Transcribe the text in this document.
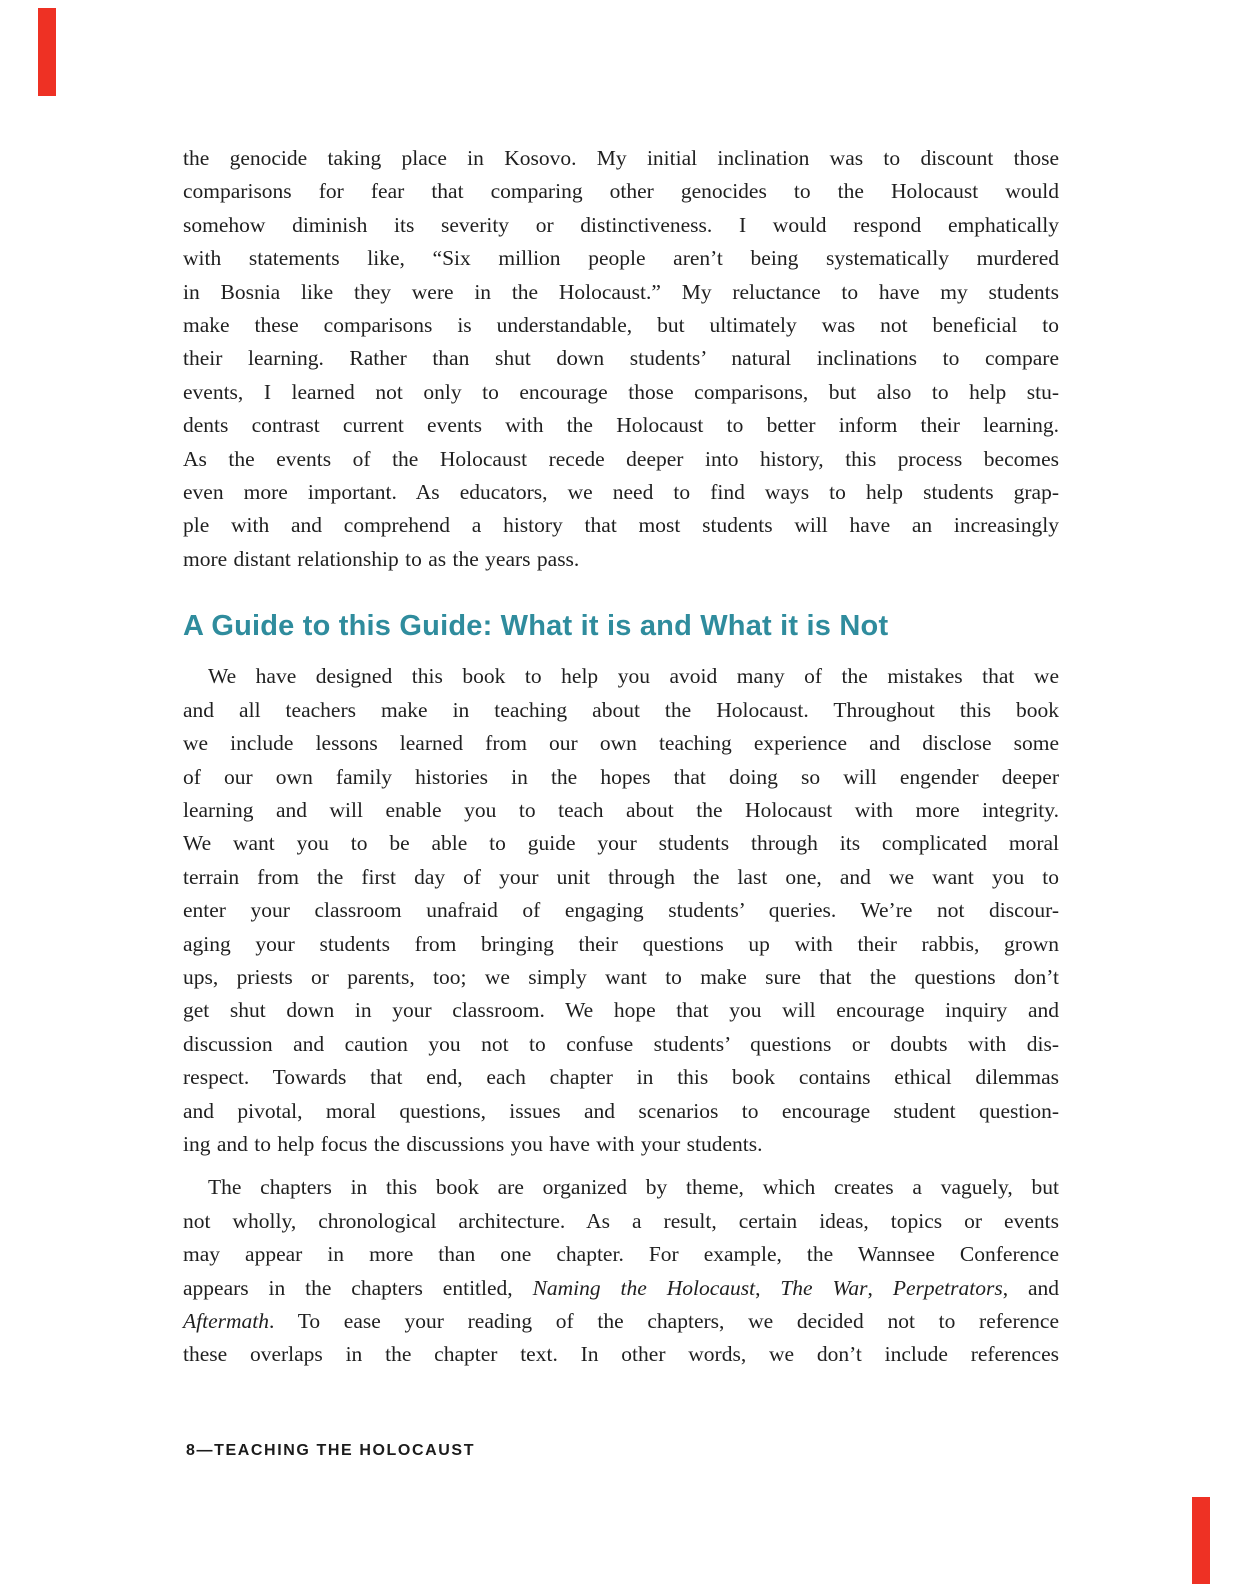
the genocide taking place in Kosovo. My initial inclination was to discount those
comparisons for fear that comparing other genocides to the Holocaust would
somehow diminish its severity or distinctiveness. I would respond emphatically
with statements like, “Six million people aren’t being systematically murdered
in Bosnia like they were in the Holocaust.” My reluctance to have my students
make these comparisons is understandable, but ultimately was not beneficial to
their learning. Rather than shut down students’ natural inclinations to compare
events, I learned not only to encourage those comparisons, but also to help stu-
dents contrast current events with the Holocaust to better inform their learning.
As the events of the Holocaust recede deeper into history, this process becomes
even more important. As educators, we need to find ways to help students grap-
ple with and comprehend a history that most students will have an increasingly
more distant relationship to as the years pass.
A Guide to this Guide: What it is and What it is Not
We have designed this book to help you avoid many of the mistakes that we
and all teachers make in teaching about the Holocaust. Throughout this book
we include lessons learned from our own teaching experience and disclose some
of our own family histories in the hopes that doing so will engender deeper
learning and will enable you to teach about the Holocaust with more integrity.
We want you to be able to guide your students through its complicated moral
terrain from the first day of your unit through the last one, and we want you to
enter your classroom unafraid of engaging students’ queries. We’re not discour-
aging your students from bringing their questions up with their rabbis, grown
ups, priests or parents, too; we simply want to make sure that the questions don’t
get shut down in your classroom. We hope that you will encourage inquiry and
discussion and caution you not to confuse students’ questions or doubts with dis-
respect. Towards that end, each chapter in this book contains ethical dilemmas
and pivotal, moral questions, issues and scenarios to encourage student question-
ing and to help focus the discussions you have with your students.
The chapters in this book are organized by theme, which creates a vaguely, but
not wholly, chronological architecture. As a result, certain ideas, topics or events
may appear in more than one chapter. For example, the Wannsee Conference
appears in the chapters entitled, Naming the Holocaust, The War, Perpetrators, and
Aftermath. To ease your reading of the chapters, we decided not to reference
these overlaps in the chapter text. In other words, we don’t include references
8—TEACHING THE HOLOCAUST
